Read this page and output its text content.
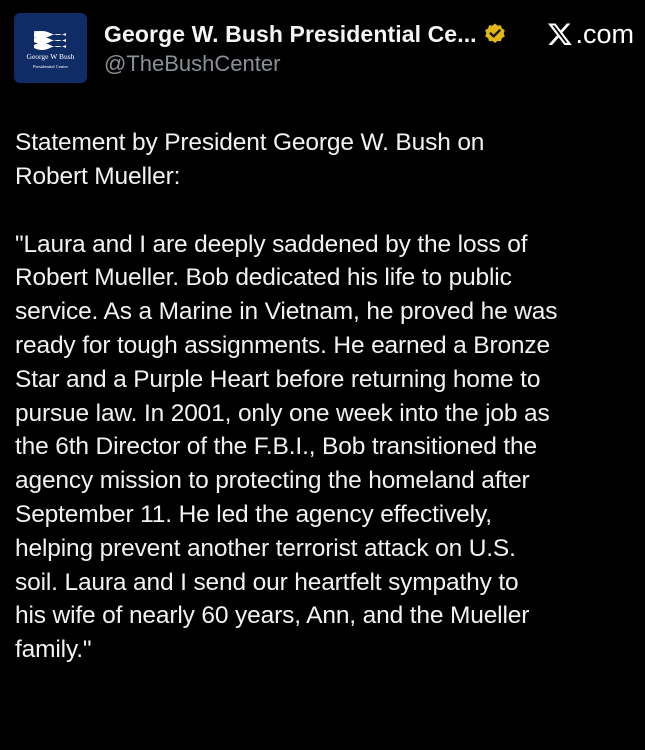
George W Bush
Presidential Center
George W. Bush Presidential Ce...
@TheBushCenter
.com

Statement by President George W. Bush on
Robert Mueller:

"Laura and I are deeply saddened by the loss of
Robert Mueller. Bob dedicated his life to public
service. As a Marine in Vietnam, he proved he was
ready for tough assignments. He earned a Bronze
Star and a Purple Heart before returning home to
pursue law. In 2001, only one week into the job as
the 6th Director of the F.B.I., Bob transitioned the
agency mission to protecting the homeland after
September 11. He led the agency effectively,
helping prevent another terrorist attack on U.S.
soil. Laura and I send our heartfelt sympathy to
his wife of nearly 60 years, Ann, and the Mueller
family."
